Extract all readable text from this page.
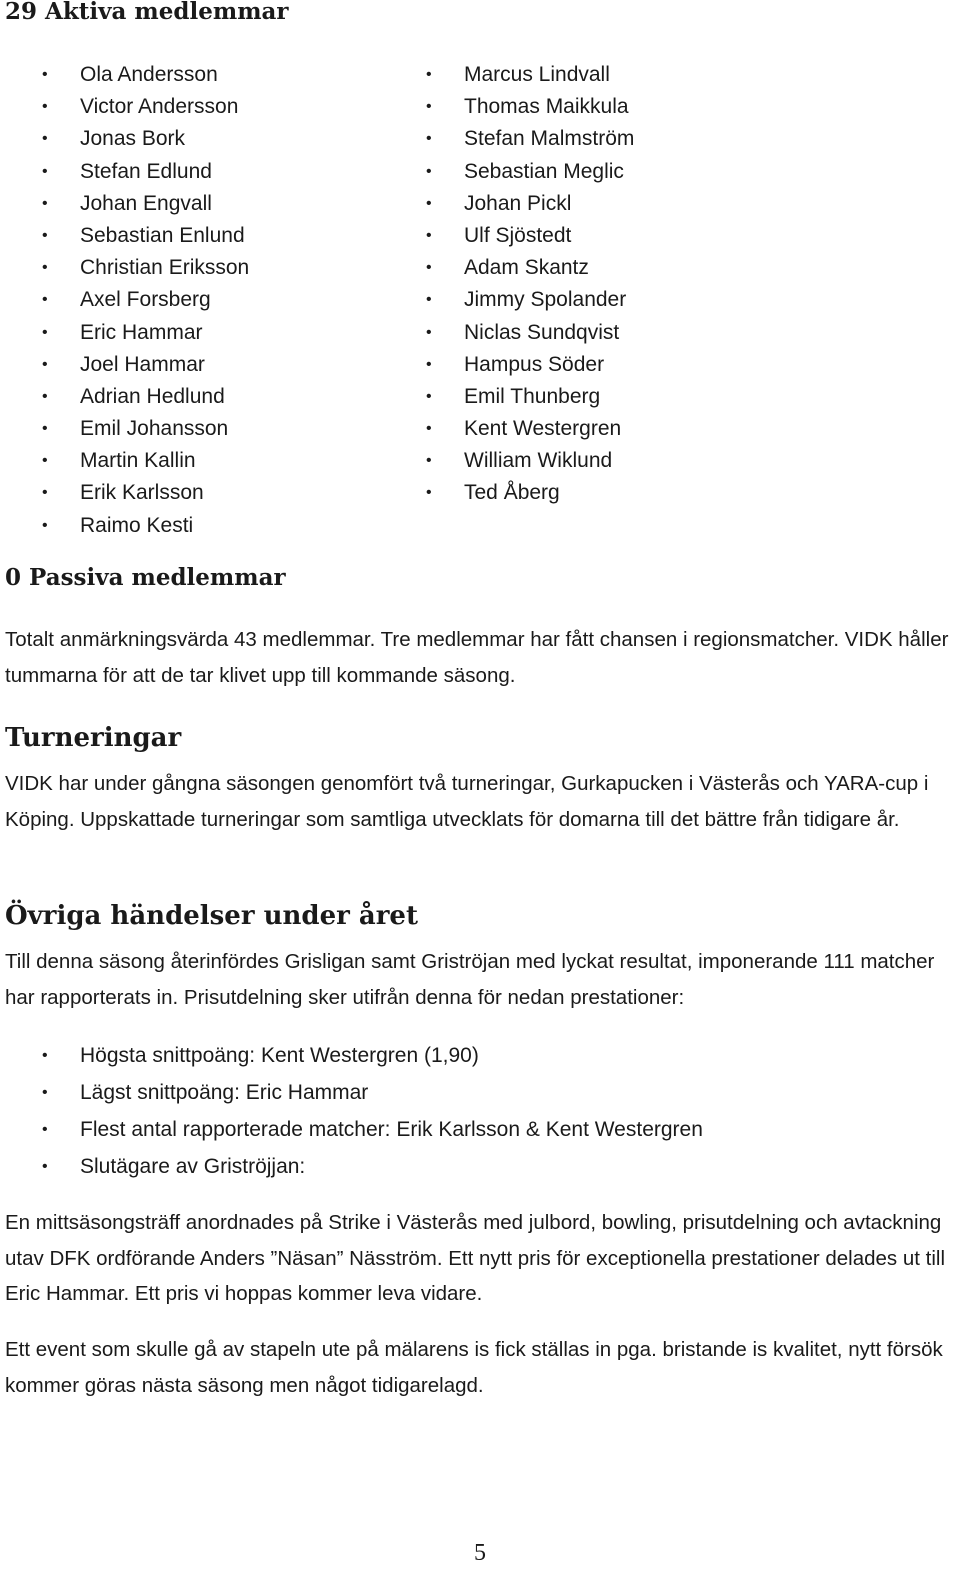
29 Aktiva medlemmar
• Ola Andersson
• Victor Andersson
• Jonas Bork
• Stefan Edlund
• Johan Engvall
• Sebastian Enlund
• Christian Eriksson
• Axel Forsberg
• Eric Hammar
• Joel Hammar
• Adrian Hedlund
• Emil Johansson
• Martin Kallin
• Erik Karlsson
• Raimo Kesti
• Marcus Lindvall
• Thomas Maikkula
• Stefan Malmström
• Sebastian Meglic
• Johan Pickl
• Ulf Sjöstedt
• Adam Skantz
• Jimmy Spolander
• Niclas Sundqvist
• Hampus Söder
• Emil Thunberg
• Kent Westergren
• William Wiklund
• Ted Åberg
0 Passiva medlemmar

Totalt anmärkningsvärda 43 medlemmar. Tre medlemmar har fått chansen i regionsmatcher. VIDK håller tummarna för att de tar klivet upp till kommande säsong.

Turneringar

VIDK har under gångna säsongen genomfört två turneringar, Gurkapucken i Västerås och YARA-cup i Köping. Uppskattade turneringar som samtliga utvecklats för domarna till det bättre från tidigare år.

Övriga händelser under året

Till denna säsong återinfördes Grisligan samt Griströjan med lyckat resultat, imponerande 111 matcher har rapporterats in. Prisutdelning sker utifrån denna för nedan prestationer:

• Högsta snittpoäng: Kent Westergren (1,90)
• Lägst snittpoäng: Eric Hammar
• Flest antal rapporterade matcher: Erik Karlsson & Kent Westergren
• Slutägare av Griströjjan:

En mittsäsongsträff anordnades på Strike i Västerås med julbord, bowling, prisutdelning och avtackning utav DFK ordförande Anders ”Näsan” Näsström. Ett nytt pris för exceptionella prestationer delades ut till Eric Hammar. Ett pris vi hoppas kommer leva vidare.

Ett event som skulle gå av stapeln ute på mälarens is fick ställas in pga. bristande is kvalitet, nytt försök kommer göras nästa säsong men något tidigarelagd.

5
